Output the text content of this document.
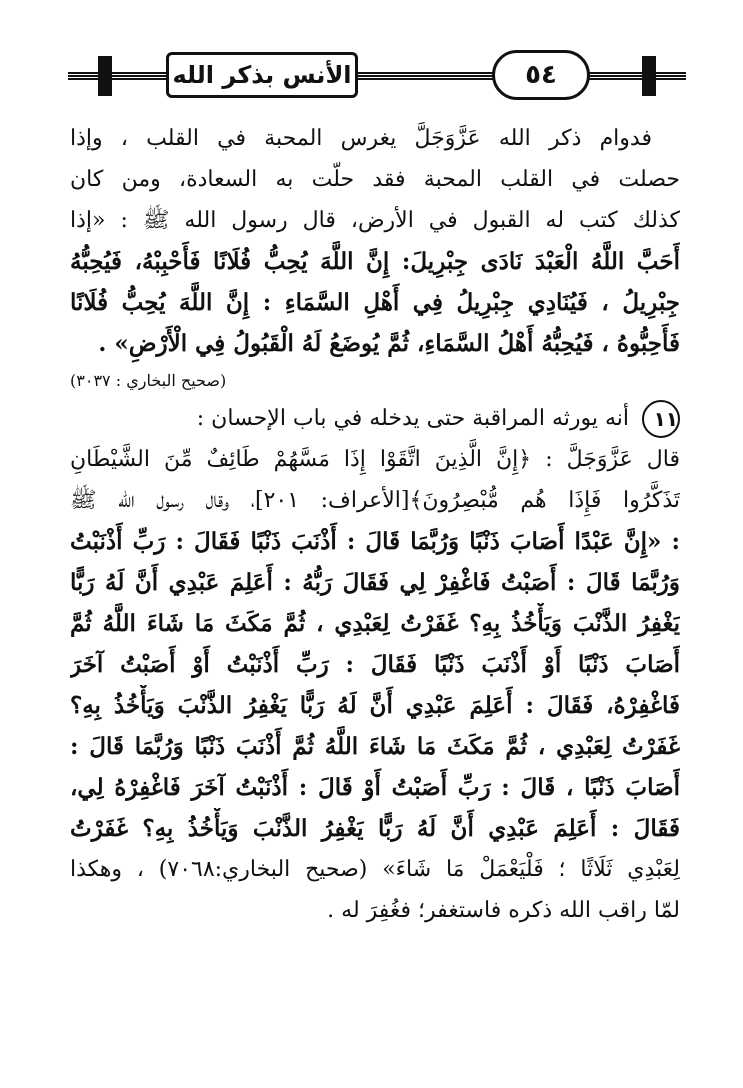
الأنس بذكر الله	٥٤
فدوام ذكر الله عَزَّوَجَلَّ يغرس المحبة في القلب ، وإذا
حصلت في القلب المحبة فقد حلّت به السعادة، ومن كان
كذلك كتب له القبول في الأرض، قال رسول الله ﷺ : «إذا
أَحَبَّ اللَّهُ الْعَبْدَ نَادَى جِبْرِيلَ: إِنَّ اللَّهَ يُحِبُّ فُلَانًا فَأَحْبِبْهُ، فَيُحِبُّهُ
جِبْرِيلُ ، فَيُنَادِي جِبْرِيلُ فِي أَهْلِ السَّمَاءِ : إِنَّ اللَّهَ يُحِبُّ فُلَانًا
فَأَحِبُّوهُ ، فَيُحِبُّهُ أَهْلُ السَّمَاءِ، ثُمَّ يُوضَعُ لَهُ الْقَبُولُ فِي الْأَرْضِ» .
(صحيح البخاري : ٣٠٣٧)
١١ أنه يورثه المراقبة حتى يدخله في باب الإحسان :
قال عَزَّوَجَلَّ : ﴿إِنَّ الَّذِينَ اتَّقَوْا إِذَا مَسَّهُمْ طَائِفٌ مِّنَ الشَّيْطَانِ
تَذَكَّرُوا فَإِذَا هُم مُّبْصِرُونَ﴾[الأعراف: ٢٠١]، وقال رسول الله ﷺ
: «إِنَّ عَبْدًا أَصَابَ ذَنْبًا وَرُبَّمَا قَالَ : أَذْنَبَ ذَنْبًا فَقَالَ : رَبِّ أَذْنَبْتُ
وَرُبَّمَا قَالَ : أَصَبْتُ فَاغْفِرْ لِي فَقَالَ رَبُّهُ : أَعَلِمَ عَبْدِي أَنَّ لَهُ رَبًّا
يَغْفِرُ الذَّنْبَ وَيَأْخُذُ بِهِ؟ غَفَرْتُ لِعَبْدِي ، ثُمَّ مَكَثَ مَا شَاءَ اللَّهُ ثُمَّ
أَصَابَ ذَنْبًا أَوْ أَذْنَبَ ذَنْبًا فَقَالَ : رَبِّ أَذْنَبْتُ أَوْ أَصَبْتُ آخَرَ
فَاغْفِرْهُ، فَقَالَ : أَعَلِمَ عَبْدِي أَنَّ لَهُ رَبًّا يَغْفِرُ الذَّنْبَ وَيَأْخُذُ بِهِ؟
غَفَرْتُ لِعَبْدِي ، ثُمَّ مَكَثَ مَا شَاءَ اللَّهُ ثُمَّ أَذْنَبَ ذَنْبًا وَرُبَّمَا قَالَ :
أَصَابَ ذَنْبًا ، قَالَ : رَبِّ أَصَبْتُ أَوْ قَالَ : أَذْنَبْتُ آخَرَ فَاغْفِرْهُ لِي،
فَقَالَ : أَعَلِمَ عَبْدِي أَنَّ لَهُ رَبًّا يَغْفِرُ الذَّنْبَ وَيَأْخُذُ بِهِ؟ غَفَرْتُ
لِعَبْدِي ثَلَاثًا ؛ فَلْيَعْمَلْ مَا شَاءَ» (صحيح البخاري:٧٠٦٨) ، وهكذا
لمّا راقب الله ذكره فاستغفر؛ فغُفِرَ له .
